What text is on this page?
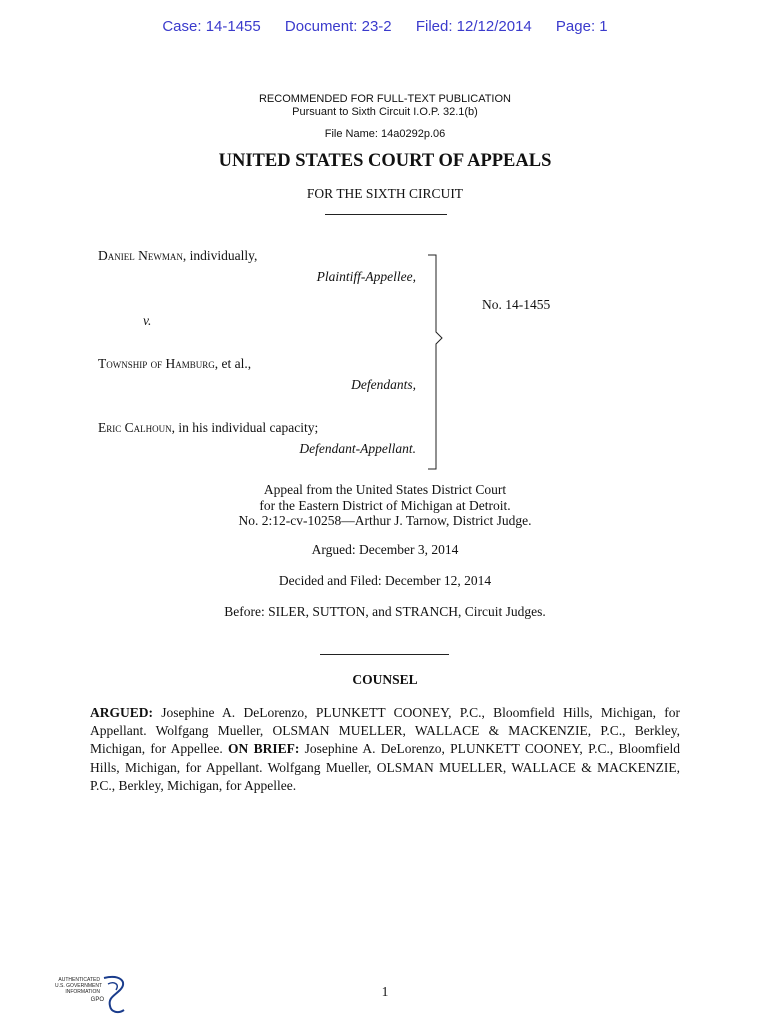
Case: 14-1455 Document: 23-2 Filed: 12/12/2014 Page: 1
RECOMMENDED FOR FULL-TEXT PUBLICATION
Pursuant to Sixth Circuit I.O.P. 32.1(b)
File Name: 14a0292p.06
UNITED STATES COURT OF APPEALS
FOR THE SIXTH CIRCUIT
Daniel Newman, individually,
Plaintiff-Appellee,
No. 14-1455
v.
Township of Hamburg, et al.,
Defendants,
Eric Calhoun, in his individual capacity;
Defendant-Appellant.
Appeal from the United States District Court
for the Eastern District of Michigan at Detroit.
No. 2:12-cv-10258—Arthur J. Tarnow, District Judge.
Argued: December 3, 2014
Decided and Filed: December 12, 2014
Before: SILER, SUTTON, and STRANCH, Circuit Judges.
COUNSEL
ARGUED: Josephine A. DeLorenzo, PLUNKETT COONEY, P.C., Bloomfield Hills, Michigan, for Appellant. Wolfgang Mueller, OLSMAN MUELLER, WALLACE & MACKENZIE, P.C., Berkley, Michigan, for Appellee. ON BRIEF: Josephine A. DeLorenzo, PLUNKETT COONEY, P.C., Bloomfield Hills, Michigan, for Appellant. Wolfgang Mueller, OLSMAN MUELLER, WALLACE & MACKENZIE, P.C., Berkley, Michigan, for Appellee.
AUTHENTICATED
U.S. GOVERNMENT
INFORMATION
GPO
1
